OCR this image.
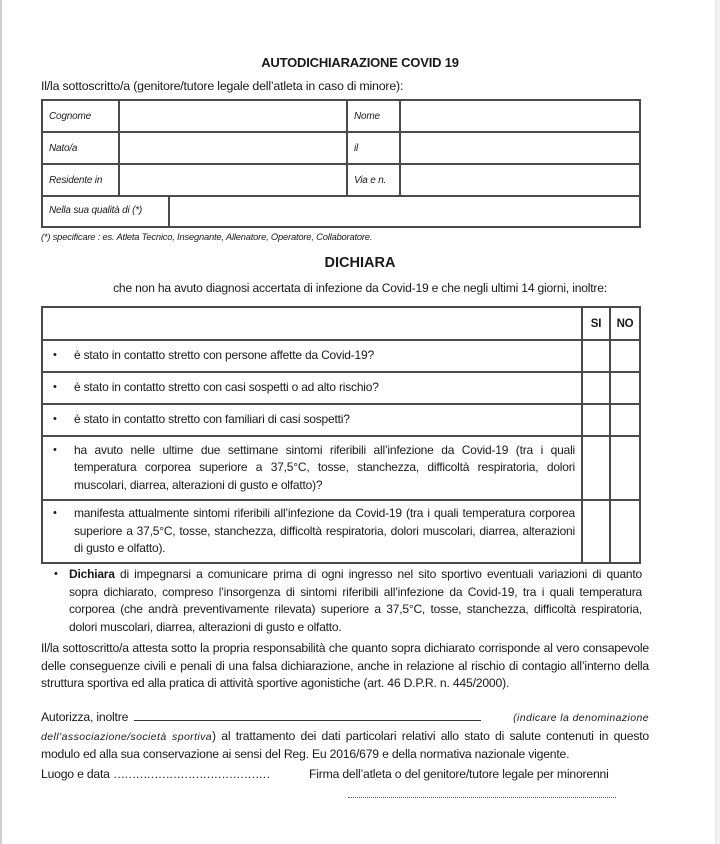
AUTODICHIARAZIONE COVID 19
Il/la sottoscritto/a (genitore/tutore legale dell’atleta in caso di minore):
Cognome		Nome	
Nato/a		il	
Residente in		Via e n.	
Nella sua qualità di (*)	
(*) specificare : es. Atleta Tecnico, Insegnante, Allenatore, Operatore, Collaboratore.
DICHIARA
che non ha avuto diagnosi accertata di infezione da Covid-19 e che negli ultimi 14 giorni, inoltre:
	SI	NO

• è stato in contatto stretto con persone affette da Covid-19?		

• è stato in contatto stretto con casi sospetti o ad alto rischio?		

• è stato in contatto stretto con familiari di casi sospetti?		

• ha avuto nelle ultime due settimane sintomi riferibili all’infezione da Covid-19 (tra i quali temperatura corporea superiore a 37,5°C, tosse, stanchezza, difficoltà respiratoria, dolori muscolari, diarrea, alterazioni di gusto e olfatto)?		

• manifesta attualmente sintomi riferibili all’infezione da Covid-19 (tra i quali temperatura corporea superiore a 37,5°C, tosse, stanchezza, difficoltà respiratoria, dolori muscolari, diarrea, alterazioni di gusto e olfatto).		

• Dichiara di impegnarsi a comunicare prima di ogni ingresso nel sito sportivo eventuali variazioni di quanto sopra dichiarato, compreso l’insorgenza di sintomi riferibili all’infezione da Covid-19, tra i quali temperatura corporea (che andrà preventivamente rilevata) superiore a 37,5°C, tosse, stanchezza, difficoltà respiratoria, dolori muscolari, diarrea, alterazioni di gusto e olfatto.
Il/la sottoscritto/a attesta sotto la propria responsabilità che quanto sopra dichiarato corrisponde al vero consapevole delle conseguenze civili e penali di una falsa dichiarazione, anche in relazione al rischio di contagio all’interno della struttura sportiva ed alla pratica di attività sportive agonistiche (art. 46 D.P.R. n. 445/2000).
Autorizza, inoltre	(indicare la denominazione
dell’associazione/società sportiva) al trattamento dei dati particolari relativi allo stato di salute contenuti in questo modulo ed alla sua conservazione ai sensi del Reg. Eu 2016/679 e della normativa nazionale vigente.
Luogo e data ……………………………………	Firma dell’atleta o del genitore/tutore legale per minorenni
